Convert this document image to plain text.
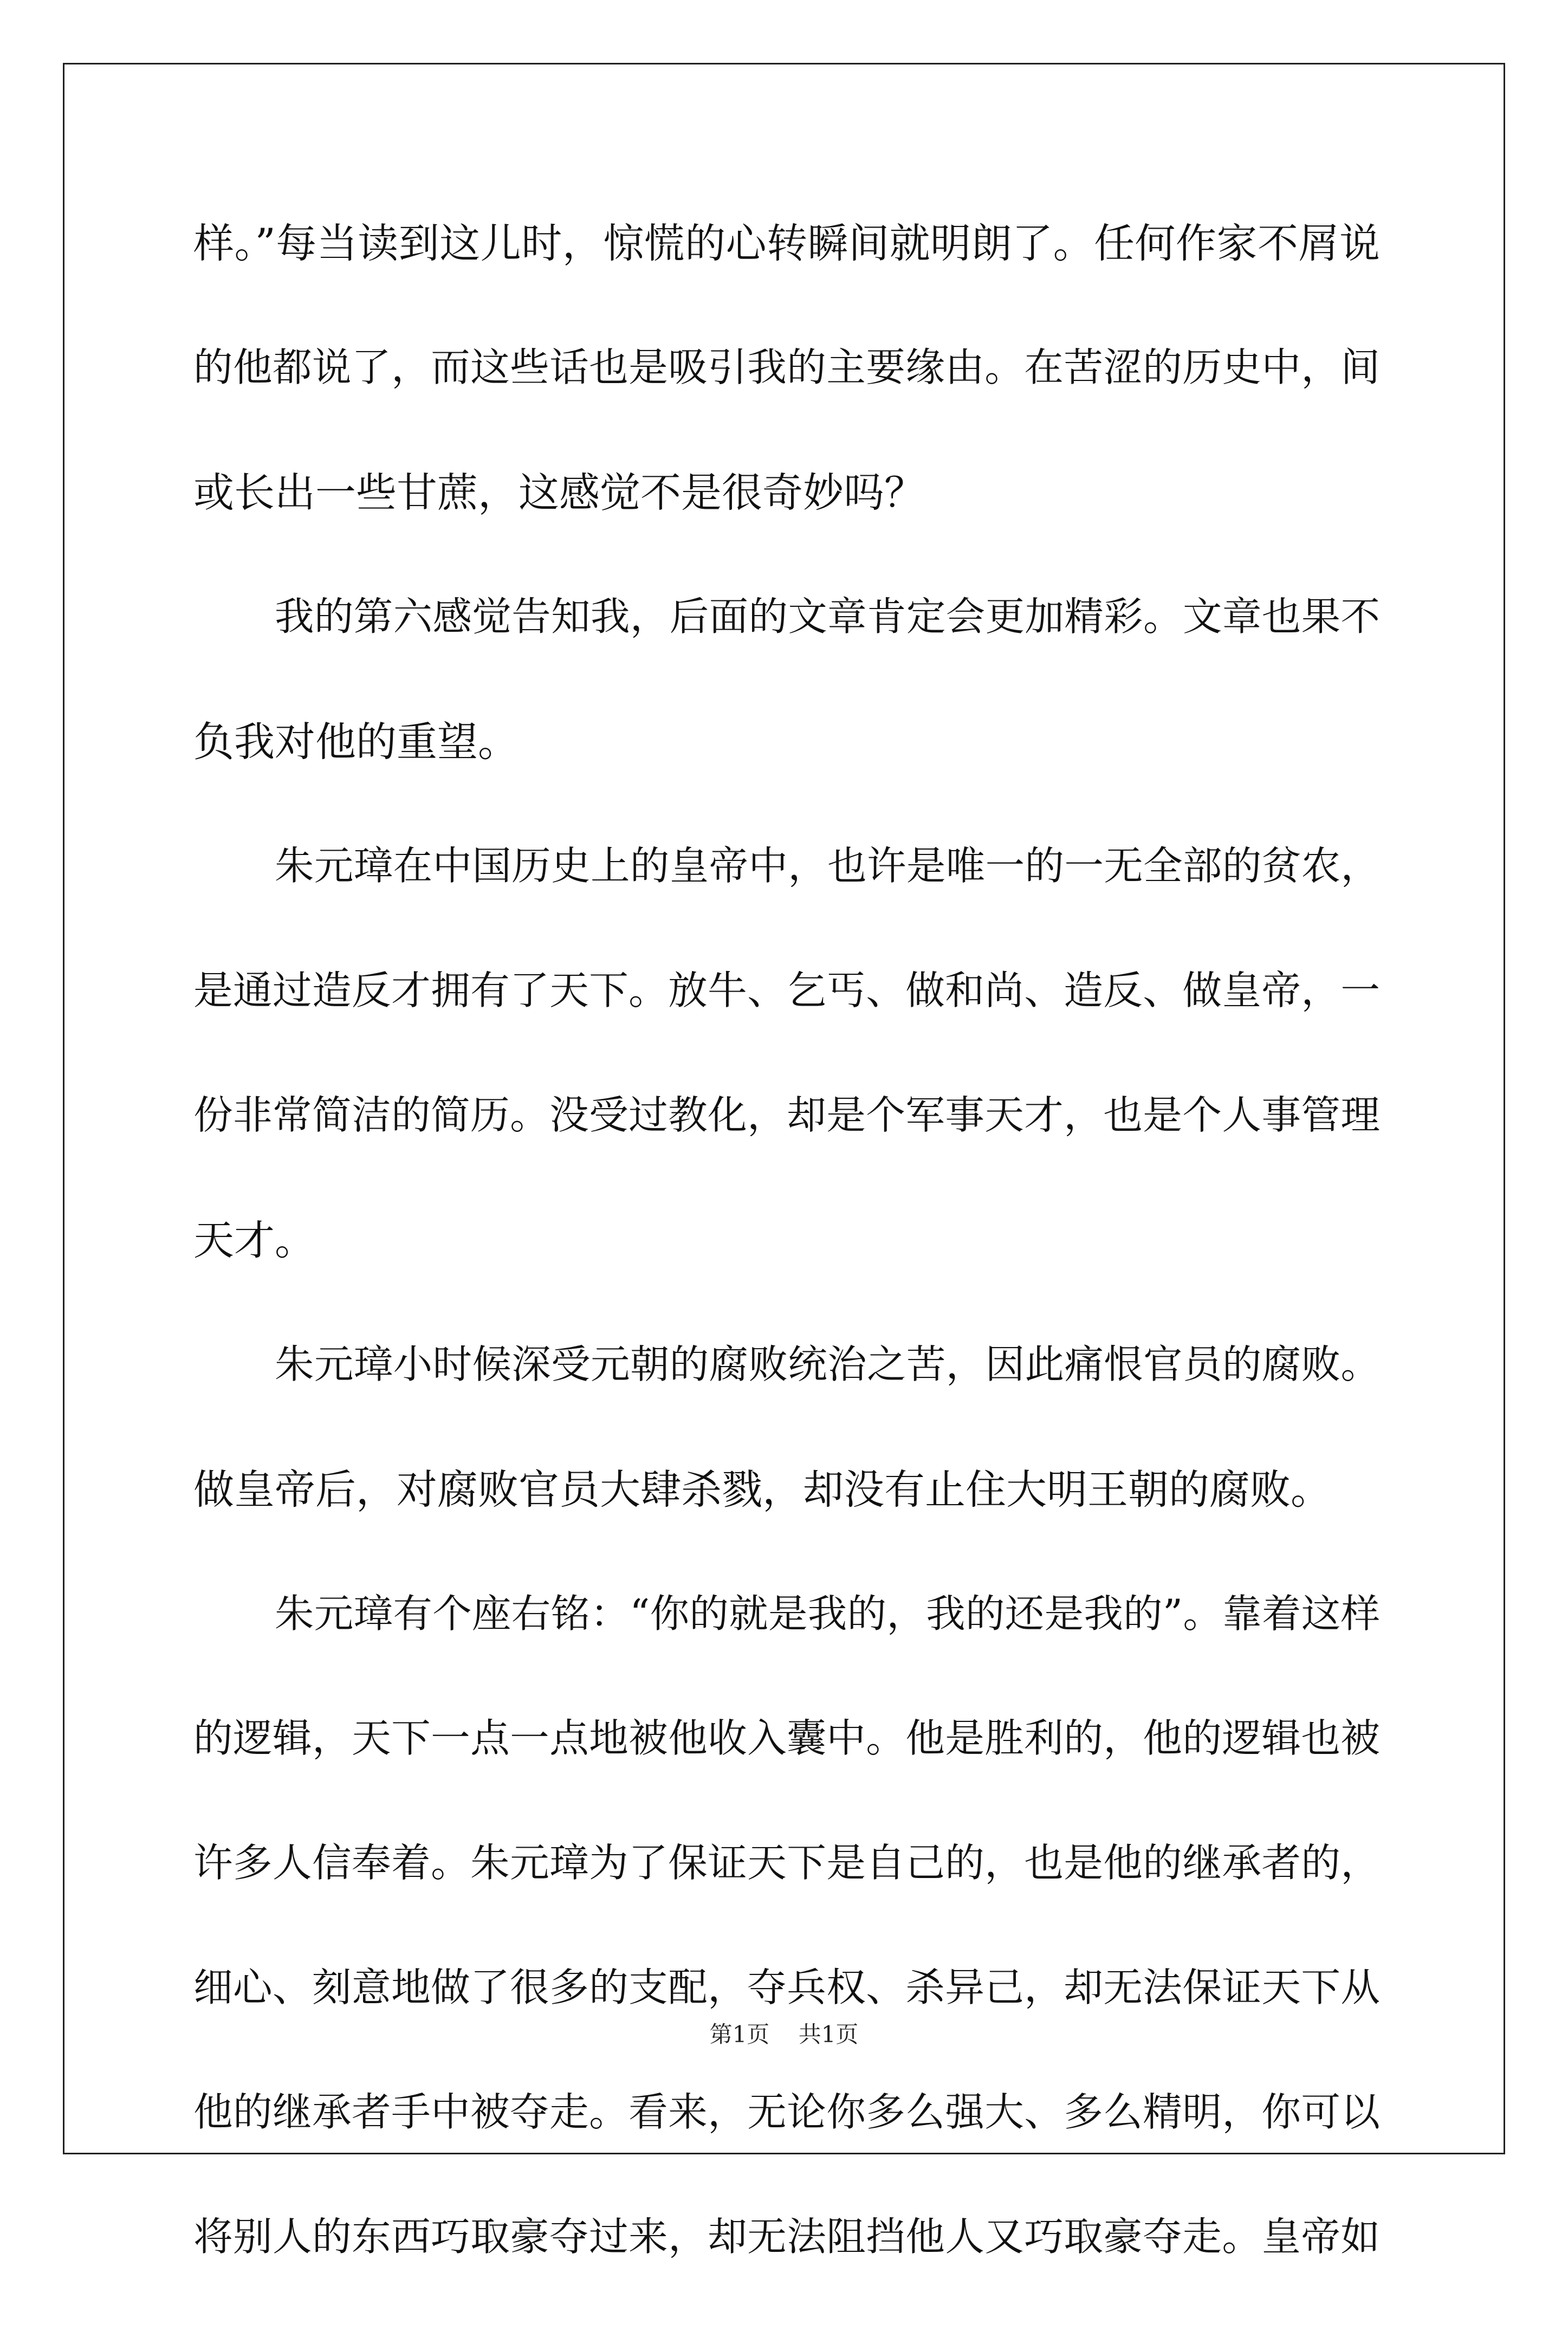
样。”每当读到这儿时，惊慌的心转瞬间就明朗了。任何作家不屑说
的他都说了，而这些话也是吸引我的主要缘由。在苦涩的历史中，间
或长出一些甘蔗，这感觉不是很奇妙吗？
我的第六感觉告知我，后面的文章肯定会更加精彩。文章也果不
负我对他的重望。
朱元璋在中国历史上的皇帝中，也许是唯一的一无全部的贫农，
是通过造反才拥有了天下。放牛、乞丐、做和尚、造反、做皇帝，一
份非常简洁的简历。没受过教化，却是个军事天才，也是个人事管理
天才。
朱元璋小时候深受元朝的腐败统治之苦，因此痛恨官员的腐败。
做皇帝后，对腐败官员大肆杀戮，却没有止住大明王朝的腐败。
朱元璋有个座右铭：“你的就是我的，我的还是我的”。靠着这样
的逻辑，天下一点一点地被他收入囊中。他是胜利的，他的逻辑也被
许多人信奉着。朱元璋为了保证天下是自己的，也是他的继承者的，
细心、刻意地做了很多的支配，夺兵权、杀异己，却无法保证天下从
他的继承者手中被夺走。看来，无论你多么强大、多么精明，你可以
将别人的东西巧取豪夺过来，却无法阻挡他人又巧取豪夺走。皇帝如
第1页 共1页
